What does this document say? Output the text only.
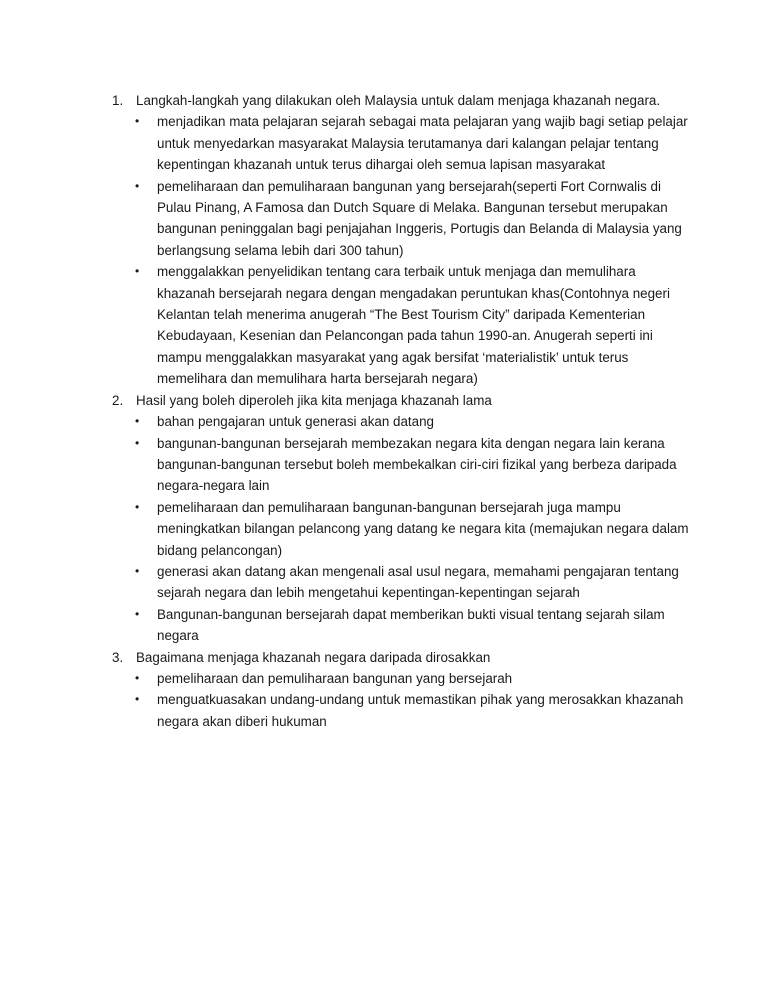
1. Langkah-langkah yang dilakukan oleh Malaysia untuk dalam menjaga khazanah negara.
• menjadikan mata pelajaran sejarah sebagai mata pelajaran yang wajib bagi setiap pelajar untuk menyedarkan masyarakat Malaysia terutamanya dari kalangan pelajar tentang kepentingan khazanah untuk terus dihargai oleh semua lapisan masyarakat
• pemeliharaan dan pemuliharaan bangunan yang bersejarah(seperti Fort Cornwalis di Pulau Pinang, A Famosa dan Dutch Square di Melaka. Bangunan tersebut merupakan bangunan peninggalan bagi penjajahan Inggeris, Portugis dan Belanda di Malaysia yang berlangsung selama lebih dari 300 tahun)
• menggalakkan penyelidikan tentang cara terbaik untuk menjaga dan memulihara khazanah bersejarah negara dengan mengadakan peruntukan khas(Contohnya negeri Kelantan telah menerima anugerah “The Best Tourism City” daripada Kementerian Kebudayaan, Kesenian dan Pelancongan pada tahun 1990-an. Anugerah seperti ini mampu menggalakkan masyarakat yang agak bersifat ‘materialistik’ untuk terus memelihara dan memulihara harta bersejarah negara)
2. Hasil yang boleh diperoleh jika kita menjaga khazanah lama
• bahan pengajaran untuk generasi akan datang
• bangunan-bangunan bersejarah membezakan negara kita dengan negara lain kerana bangunan-bangunan tersebut boleh membekalkan ciri-ciri fizikal yang berbeza daripada negara-negara lain
• pemeliharaan dan pemuliharaan bangunan-bangunan bersejarah juga mampu meningkatkan bilangan pelancong yang datang ke negara kita (memajukan negara dalam bidang pelancongan)
• generasi akan datang akan mengenali asal usul negara, memahami pengajaran tentang sejarah negara dan lebih mengetahui kepentingan-kepentingan sejarah
• Bangunan-bangunan bersejarah dapat memberikan bukti visual tentang sejarah silam negara
3. Bagaimana menjaga khazanah negara daripada dirosakkan
• pemeliharaan dan pemuliharaan bangunan yang bersejarah
• menguatkuasakan undang-undang untuk memastikan pihak yang merosakkan khazanah negara akan diberi hukuman
